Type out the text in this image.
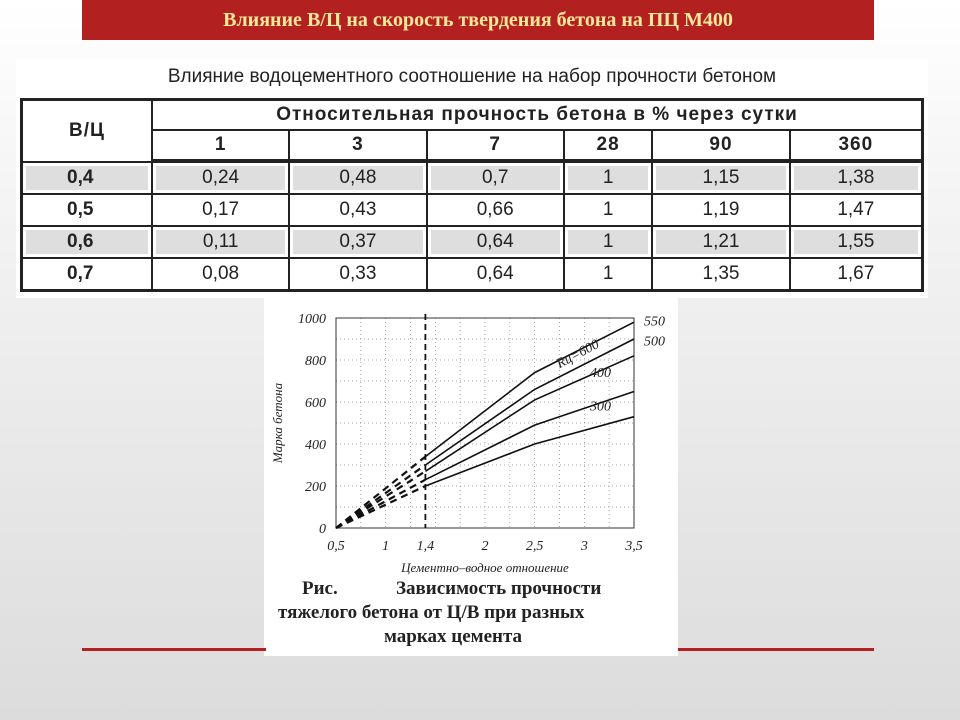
Влияние В/Ц на скорость твердения бетона на ПЦ М400
Влияние водоцементного соотношение на набор прочности бетоном
В/Ц	Относительная прочность бетона в % через сутки					
	1	3	7	28	90	360
0,4	0,24	0,48	0,7	1	1,15	1,38
0,5	0,17	0,43	0,66	1	1,19	1,47
0,6	0,11	0,37	0,64	1	1,21	1,55
0,7	0,08	0,33	0,64	1	1,35	1,67
Rц=600
550
500
400
300
0,5	1 1,4	2	2,5	3	3,5
0
200
400
600
800
1000
Цементно–водное отношение
Марка бетона
Рис.	Зависимость прочности
тяжелого бетона от Ц/В при разных
марках цемента
